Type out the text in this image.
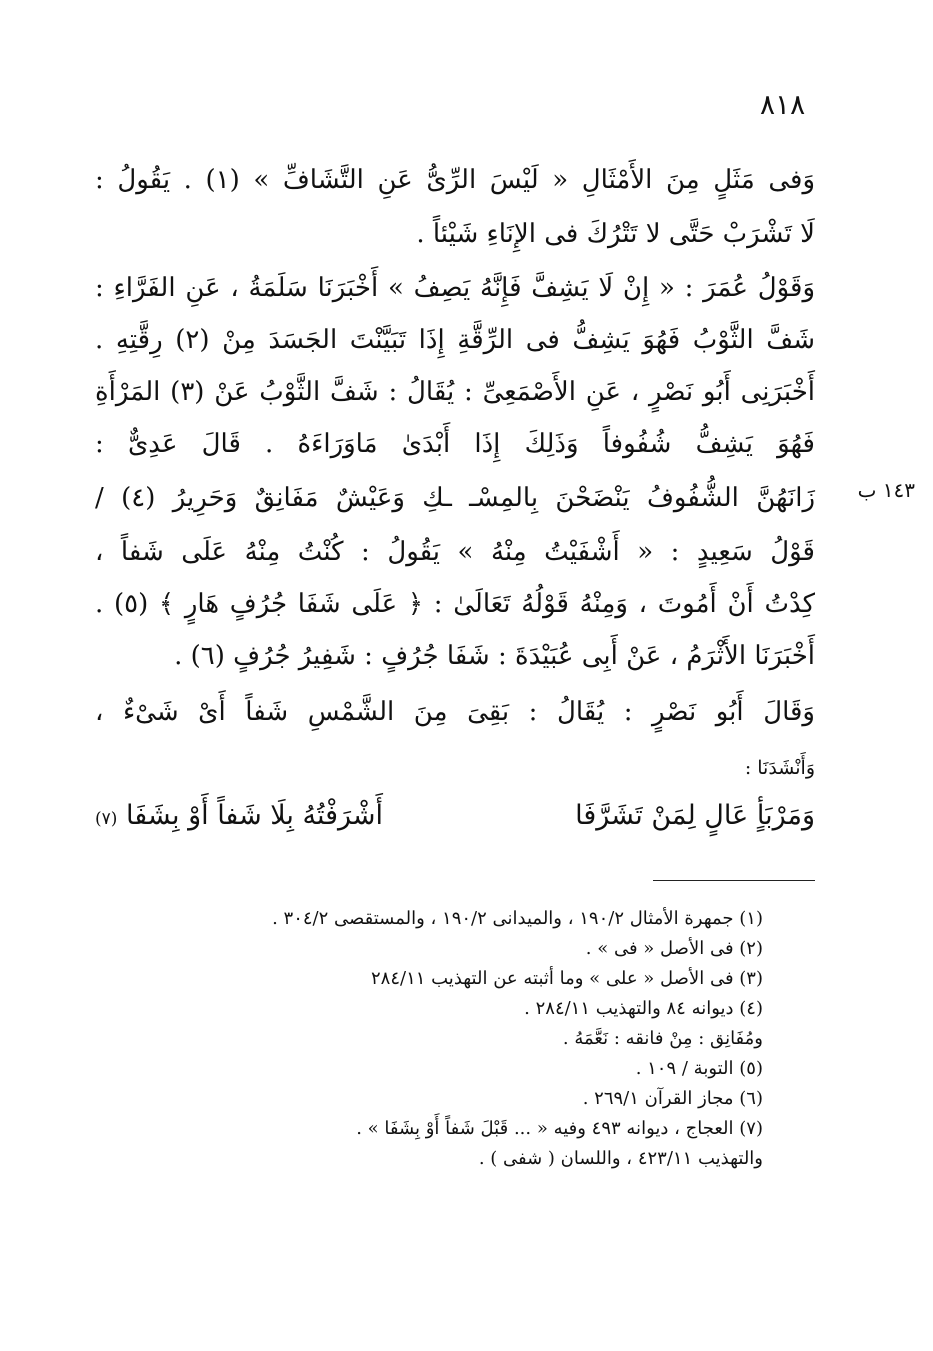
٨١٨
وَفى مَثَلٍ مِنَ الأَمْثَالِ « لَيْسَ الرِّىُّ عَنِ التَّشَافِّ » (١) . يَقُولُ :
لَا تَشْرَبْ حَتَّى لا تَتْرُكَ فى الإِنَاءِ شَيْئاً .
وَقَوْلُ عُمَرَ : « إِنْ لَا يَشِفَّ فَإِنَّهُ يَصِفُ » أَخْبَرَنَا سَلَمَةُ ، عَنِ الفَرَّاءِ :
شَفَّ الثَّوْبُ فَهُوَ يَشِفُّ فى الرِّقَّةِ إِذَا تَبَيَّنْتَ الجَسَدَ مِنْ (٢) رِقَّتِهِ .
أَخْبَرَنِى أَبُو نَصْرٍ ، عَنِ الأَصْمَعِىِّ : يُقَالُ : شَفَّ الثَّوْبُ عَنْ (٣) المَرْأَةِ
فَهُوَ يَشِفُّ شُفُوفاً وَذَلِكَ إِذَا أَبْدَىٰ مَاوَرَاءَهُ . قَالَ عَدِىٌّ :
زَانَهُنَّ الشُّفُوفُ يَنْضَحْنَ بِالمِسْـ ـكِ وَعَيْشٌ مَفَانِقٌ وَحَرِيرُ (٤) /
قَوْلُ سَعِيدٍ : « أَشْفَيْتُ مِنْهُ » يَقُولُ : كُنْتُ مِنْهُ عَلَى شَفاً ،
كِدْتُ أَنْ أَمُوتَ ، وَمِنْهُ قَوْلُهُ تَعَالَىٰ : ﴿ عَلَى شَفَا جُرُفٍ هَارٍ ﴾ (٥) .
أَخْبَرَنَا الأَثْرَمُ ، عَنْ أَبِى عُبَيْدَةَ : شَفَا جُرُفٍ : شَفِيرُ جُرُفٍ (٦) .
وَقَالَ أَبُو نَصْرٍ : يُقَالُ : بَقِىَ مِنَ الشَّمْسِ شَفاً أَىْ شَىْءٌ ،
وَأَنْشَدَنَا :
١٤٣ ب
وَمَرْبَأٍ عَالٍ لِمَنْ تَشَرَّفَا
أَشْرَفْتُهُ بِلَا شَفاً أَوْ بِشَفَا (٧)
(١) جمهرة الأمثال ١٩٠/٢ ، والميدانى ١٩٠/٢ ، والمستقصى ٣٠٤/٢ .
(٢) فى الأصل « فى » .
(٣) فى الأصل « على » وما أثبته عن التهذيب ٢٨٤/١١
(٤) ديوانه ٨٤ والتهذيب ٢٨٤/١١ .
ومُفَانِق : مِنْ فانقه : نَعَّمَهُ .
(٥) التوبة / ١٠٩ .
(٦) مجاز القرآن ٢٦٩/١ .
(٧) العجاج ، ديوانه ٤٩٣ وفيه « ... قَبْلَ شَفاً أَوْ بِشَفَا » .
والتهذيب ٤٢٣/١١ ، واللسان ( شفى ) .
